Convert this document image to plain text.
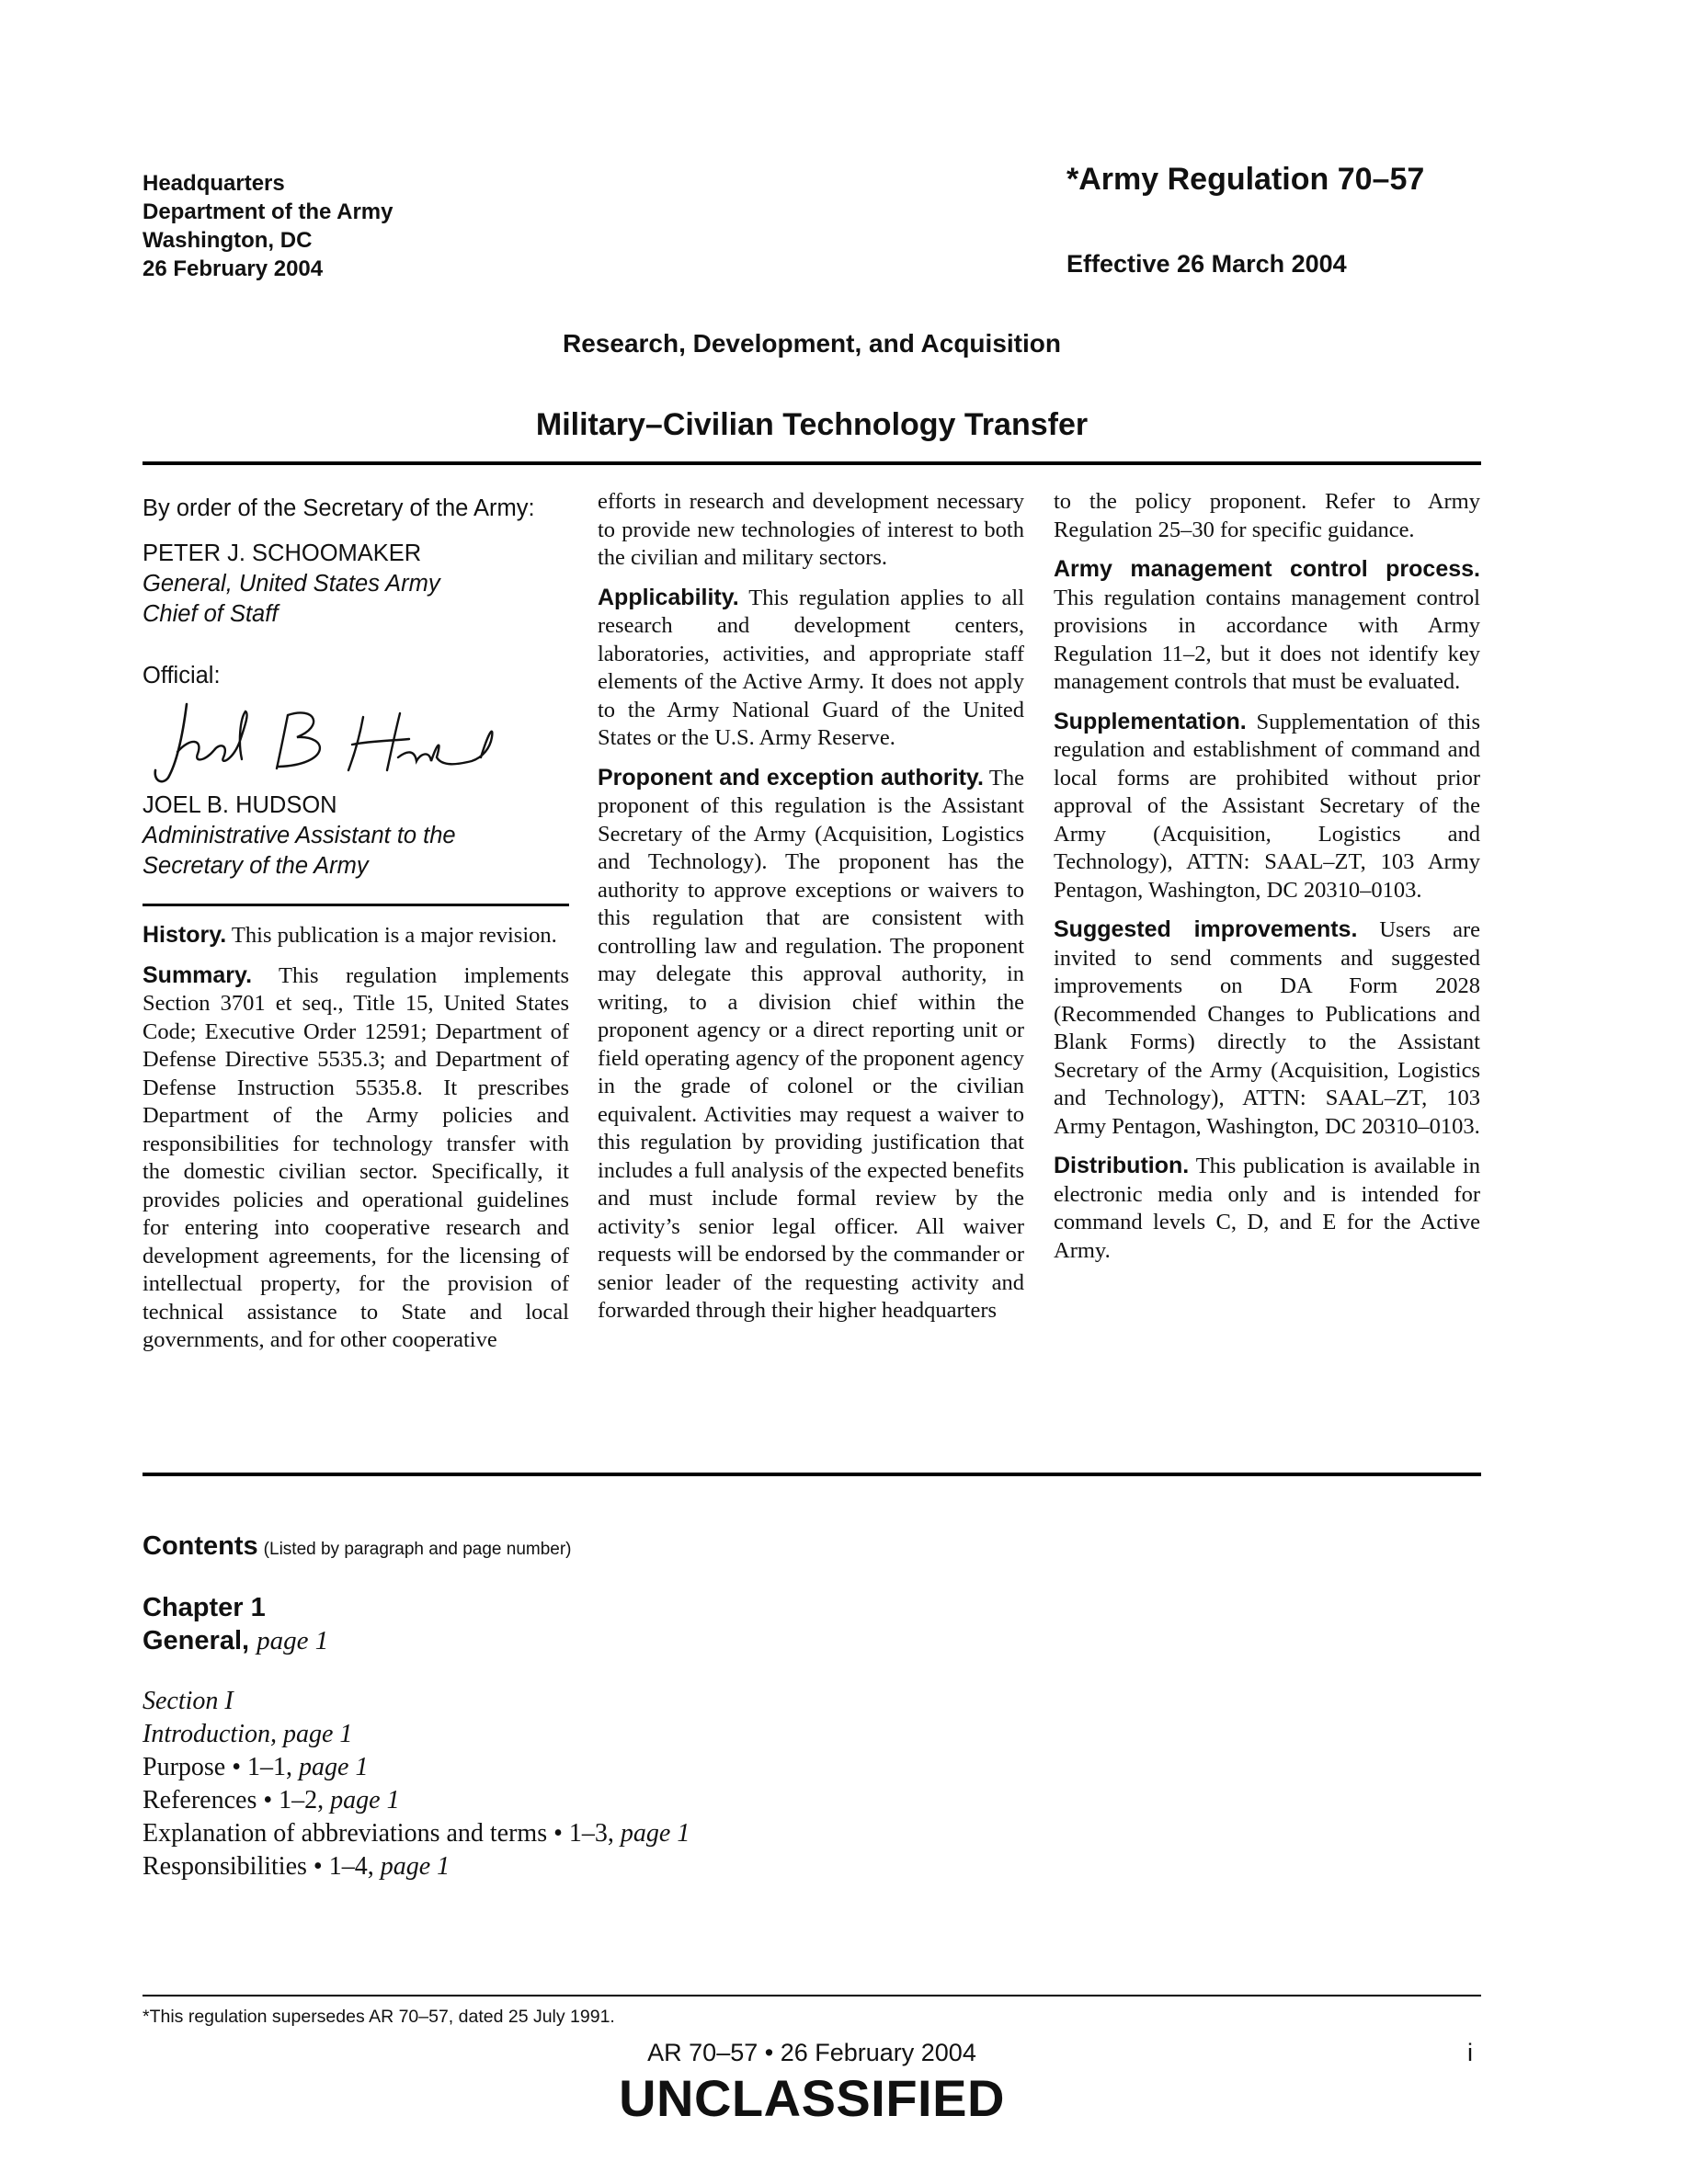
Headquarters
Department of the Army
Washington, DC
26 February 2004
*Army Regulation 70–57
Effective 26 March 2004
Research, Development, and Acquisition
Military–Civilian Technology Transfer
By order of the Secretary of the Army:
PETER J. SCHOOMAKER
General, United States Army
Chief of Staff
Official:
JOEL B. HUDSON
Administrative Assistant to the
Secretary of the Army

History. This publication is a major revision.

Summary. This regulation implements Section 3701 et seq., Title 15, United States Code; Executive Order 12591; Department of Defense Directive 5535.3; and Department of Defense Instruction 5535.8. It prescribes Department of the Army policies and responsibilities for technology transfer with the domestic civilian sector. Specifically, it provides policies and operational guidelines for entering into cooperative research and development agreements, for the licensing of intellectual property, for the provision of technical assistance to State and local governments, and for other cooperative

efforts in research and development necessary to provide new technologies of interest to both the civilian and military sectors.

Applicability. This regulation applies to all research and development centers, laboratories, activities, and appropriate staff elements of the Active Army. It does not apply to the Army National Guard of the United States or the U.S. Army Reserve.

Proponent and exception authority. The proponent of this regulation is the Assistant Secretary of the Army (Acquisition, Logistics and Technology). The proponent has the authority to approve exceptions or waivers to this regulation that are consistent with controlling law and regulation. The proponent may delegate this approval authority, in writing, to a division chief within the proponent agency or a direct reporting unit or field operating agency of the proponent agency in the grade of colonel or the civilian equivalent. Activities may request a waiver to this regulation by providing justification that includes a full analysis of the expected benefits and must include formal review by the activity’s senior legal officer. All waiver requests will be endorsed by the commander or senior leader of the requesting activity and forwarded through their higher headquarters

to the policy proponent. Refer to Army Regulation 25–30 for specific guidance.

Army management control process. This regulation contains management control provisions in accordance with Army Regulation 11–2, but it does not identify key management controls that must be evaluated.

Supplementation. Supplementation of this regulation and establishment of command and local forms are prohibited without prior approval of the Assistant Secretary of the Army (Acquisition, Logistics and Technology), ATTN: SAAL–ZT, 103 Army Pentagon, Washington, DC 20310–0103.

Suggested improvements. Users are invited to send comments and suggested improvements on DA Form 2028 (Recommended Changes to Publications and Blank Forms) directly to the Assistant Secretary of the Army (Acquisition, Logistics and Technology), ATTN: SAAL–ZT, 103 Army Pentagon, Washington, DC 20310–0103.

Distribution. This publication is available in electronic media only and is intended for command levels C, D, and E for the Active Army.

Contents (Listed by paragraph and page number)
Chapter 1
General, page 1
Section I
Introduction, page 1
Purpose • 1–1, page 1
References • 1–2, page 1
Explanation of abbreviations and terms • 1–3, page 1
Responsibilities • 1–4, page 1
*This regulation supersedes AR 70–57, dated 25 July 1991.
AR 70–57 • 26 February 2004	i
UNCLASSIFIED
